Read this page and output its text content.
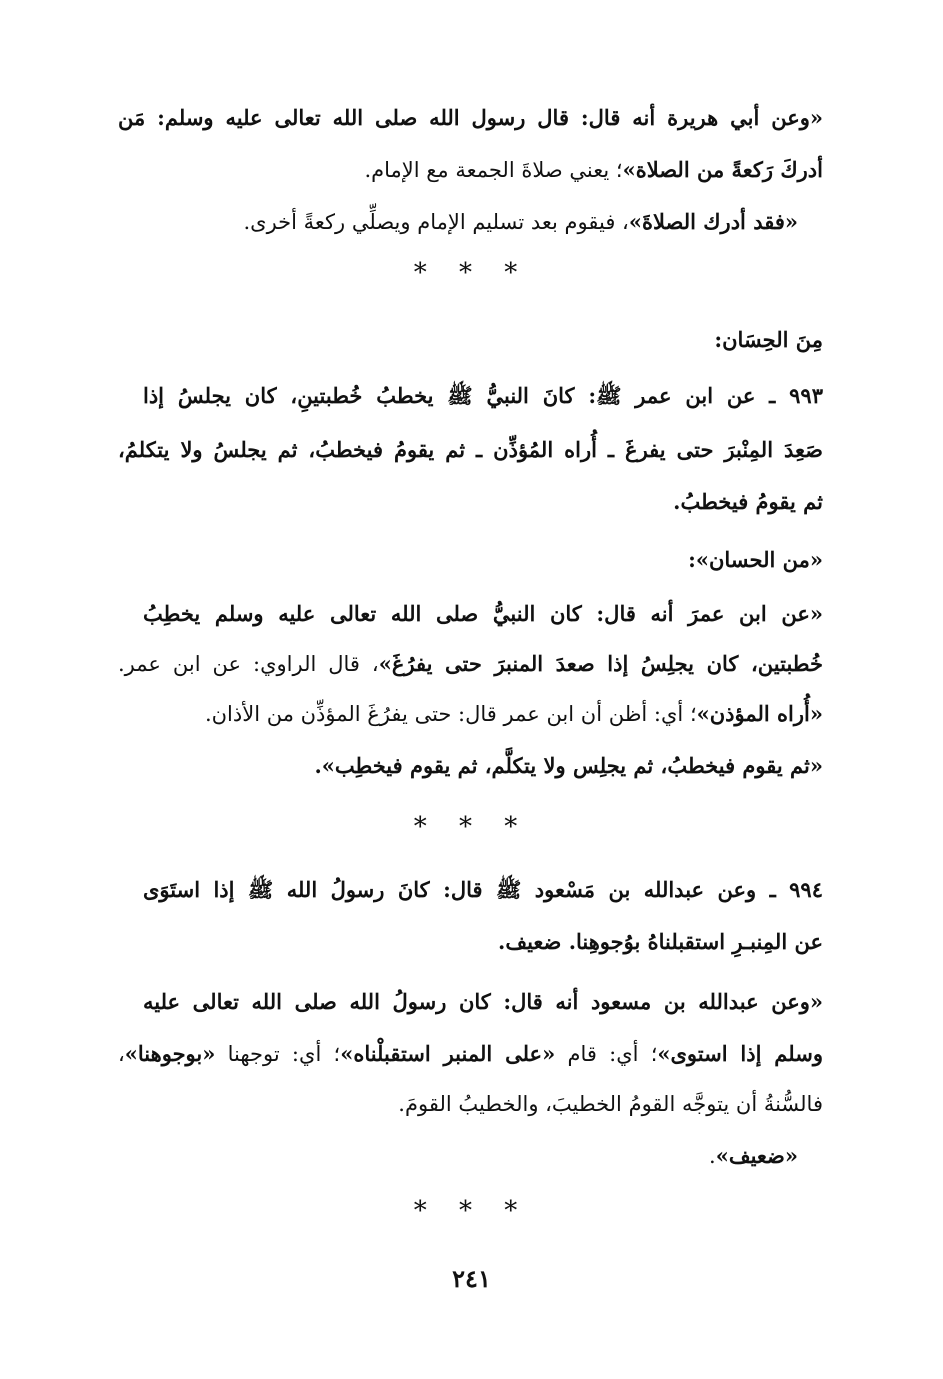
«وعن أبي هريرة أنه قال: قال رسول الله صلى الله تعالى عليه وسلم: مَن
أدركَ رَكعةً من الصلاة»؛ يعني صلاةَ الجمعة مع الإمام.
«فقد أدرك الصلاةَ»، فيقوم بعد تسليم الإمام ويصلِّي ركعةً أخرى.
* * *
مِنَ الحِسَان:
٩٩٣ ـ عن ابن عمر ﷺ: كانَ النبيُّ ﷺ يخطبُ خُطبتينِ، كان يجلسُ إذا
صَعِدَ المِنْبرَ حتى يفرغَ ـ أُراه المُؤذِّن ـ ثم يقومُ فيخطبُ، ثم يجلسُ ولا يتكلمُ،
ثم يقومُ فيخطبُ.
«من الحسان»:
«عن ابن عمرَ أنه قال: كان النبيُّ صلى الله تعالى عليه وسلم يخطِبُ
خُطبتين، كان يجلِسُ إذا صعدَ المنبرَ حتى يفرُغَ»، قال الراوي: عن ابن عمر.
«أُراه المؤذن»؛ أي: أظن أن ابن عمر قال: حتى يفرُغَ المؤذِّن من الأذان.
«ثم يقوم فيخطبُ، ثم يجلِس ولا يتكلَّم، ثم يقوم فيخطِب».
* * *
٩٩٤ ـ وعن عبدالله بن مَسْعود ﷺ قال: كانَ رسولُ الله ﷺ إذا استَوَى
عن المِنبـرِ استقبلناهُ بوُجوهِنا. ضعيف.
«وعن عبدالله بن مسعود أنه قال: كان رسولُ الله صلى الله تعالى عليه
وسلم إذا استوى»؛ أي: قام «على المنبر استقبلْناه»؛ أي: توجهنا «بوجوهنا»،
فالسُّنةُ أن يتوجَّه القومُ الخطيبَ، والخطيبُ القومَ.
«ضعيف».
* * *
٢٤١
